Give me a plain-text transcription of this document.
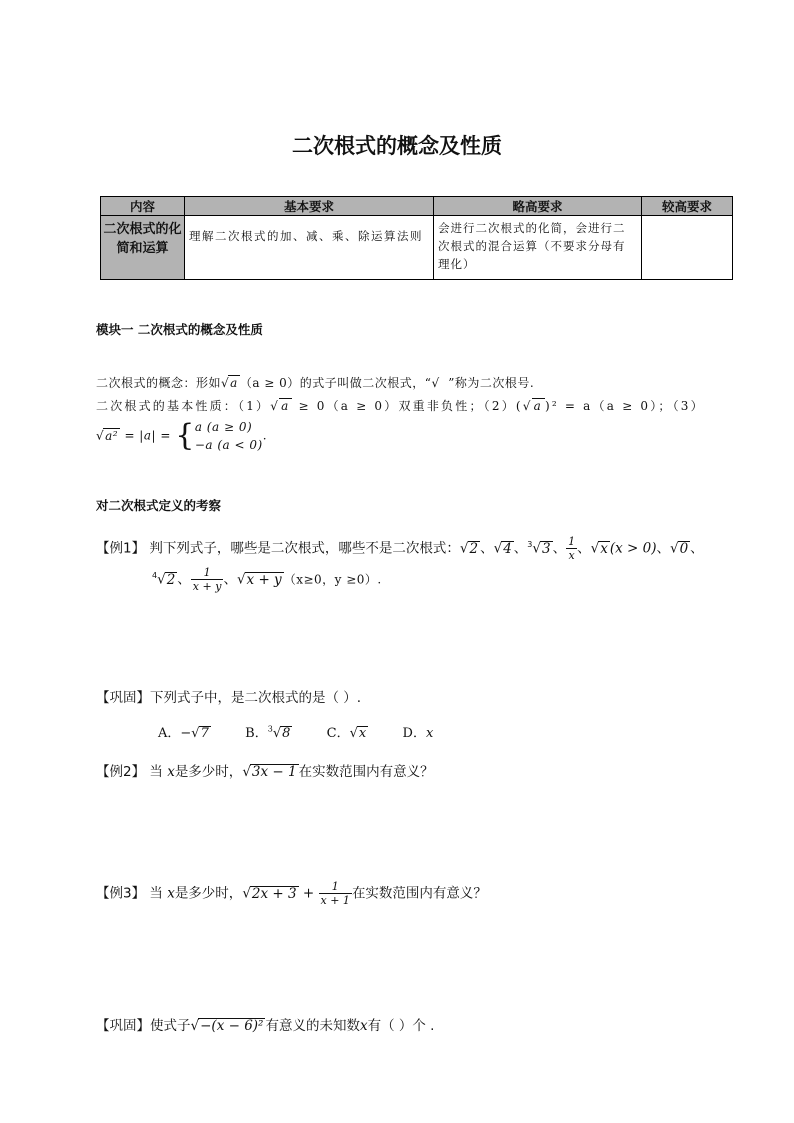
二次根式的概念及性质
内容	基本要求	略高要求	较高要求
二次根式的化简和运算	理解二次根式的加、减、乘、除运算法则	会进行二次根式的化简，会进行二次根式的混合运算（不要求分母有理化）	
模块一 二次根式的概念及性质
二次根式的概念：形如√a （a ≥ 0）的式子叫做二次根式，“√  ”称为二次根号.
二次根式的基本性质：（1）√a ≥ 0（a ≥ 0）双重非负性；（2）(√a )² = a（a ≥ 0）；（3）
√a² = |a| = { a (a ≥ 0)
−a (a < 0)
.
对二次根式定义的考察
【例1】 判下列式子，哪些是二次根式，哪些不是二次根式：√2 、√4 、$^3$√3 、 $\frac{1}{x}$ 、√x (x > 0)、√0 、
$^4$√2 、 $\frac{1}{x + y}$ 、√x + y （x≥0，y ≥0）.
【巩固】下列式子中，是二次根式的是（ ）.
A．−√7	B．$^3$√8	C．√x	D．x
【例2】 当 x是多少时，√3x − 1 在实数范围内有意义？
【例3】 当 x是多少时，$√2x + 3 + \frac{1}{x + 1}$ 在实数范围内有意义？
【巩固】使式子√−(x − 6)² 有意义的未知数x有（ ）个 .
